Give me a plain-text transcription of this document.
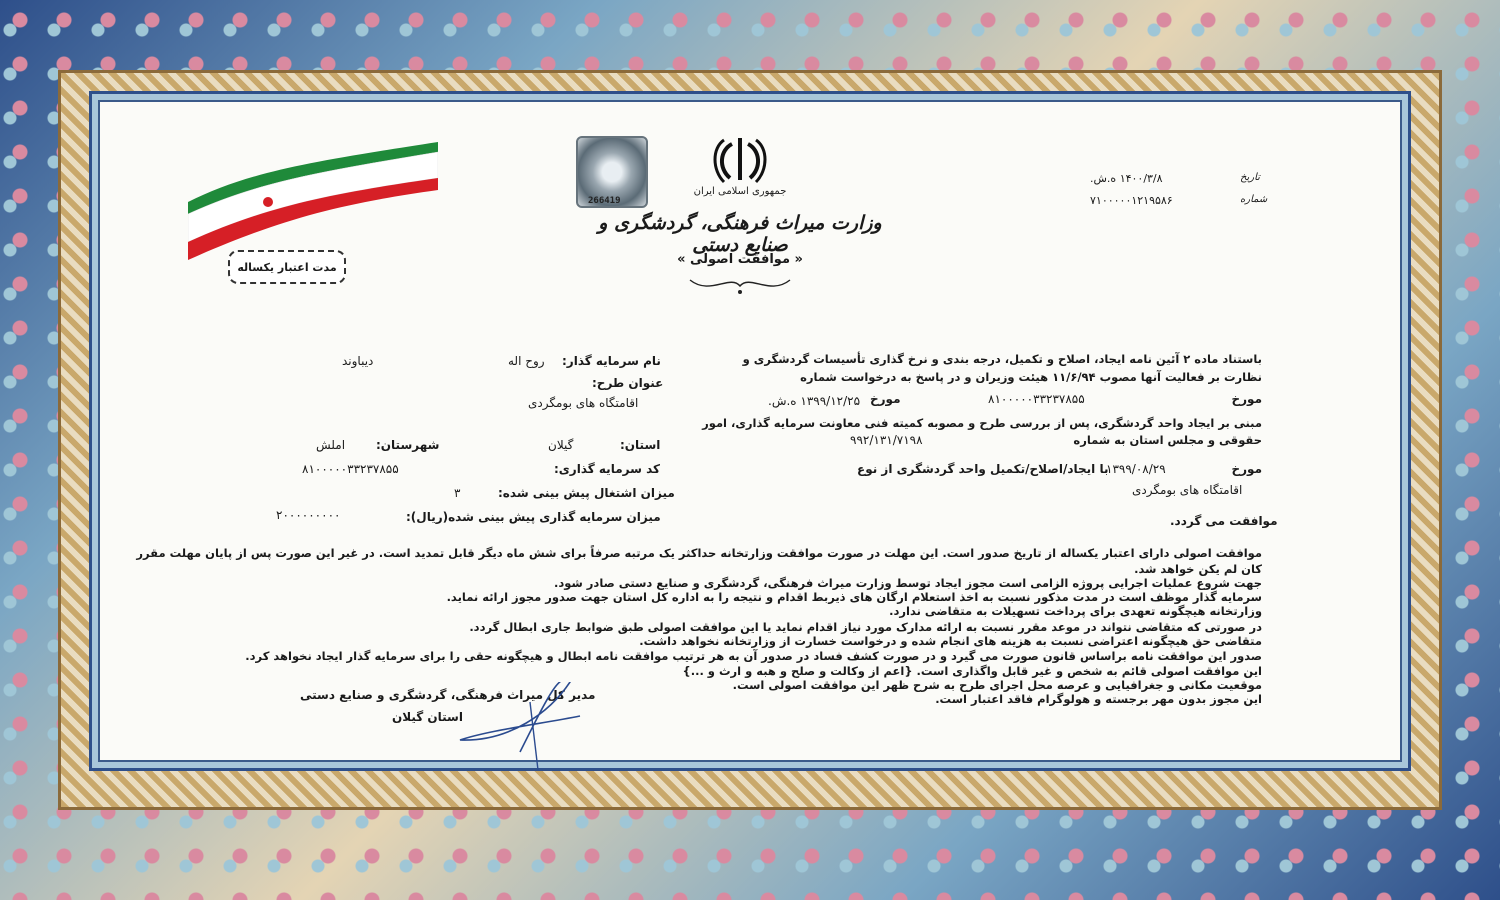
مدت اعتبار یکساله
266419
جمهوری اسلامی ایران
وزارت میراث فرهنگی، گردشگری و صنایع دستی
« موافقت اصولی »
تاریخ
۱۴۰۰/۳/۸ ه.ش.
شماره
۷۱۰۰۰۰۰۱۲۱۹۵۸۶
باستناد ماده ۲ آئین نامه ایجاد، اصلاح و تکمیل، درجه بندی و نرخ گذاری تأسیسات گردشگری و
نظارت بر فعالیت آنها مصوب ۱۱/۶/۹۴ هیئت وزیران و در پاسخ به درخواست شماره
مورخ
۸۱۰۰۰۰۰۳۳۲۳۷۸۵۵
۱۳۹۹/۱۲/۲۵ ه.ش. مورخ
مبنی بر ایجاد واحد گردشگری، پس از بررسی طرح و مصوبه کمیته فنی معاونت سرمایه گذاری، امور
حقوقی و مجلس استان به شماره
۹۹۲/۱۳۱/۷۱۹۸
مورخ
۱۳۹۹/۰۸/۲۹
با ایجاد/اصلاح/تکمیل واحد گردشگری از نوع
اقامتگاه های بومگردی
موافقت می گردد.
نام سرمایه گذار:
روح اله
دیباوند
عنوان طرح:
اقامتگاه های بومگردی
استان:
گیلان
شهرستان:
املش
کد سرمایه گذاری:
۸۱۰۰۰۰۰۳۳۲۳۷۸۵۵
میزان اشتغال پیش بینی شده:
۳
میزان سرمایه گذاری پیش بینی شده(ریال):
۲۰۰۰۰۰۰۰۰۰
موافقت اصولی دارای اعتبار یکساله از تاریخ صدور است. این مهلت در صورت موافقت وزارتخانه حداکثر یک مرتبه صرفاً برای شش ماه دیگر قابل تمدید است. در غیر این صورت پس از پایان مهلت مقرر
کان لم یکن خواهد شد.
جهت شروع عملیات اجرایی پروژه الزامی است مجوز ایجاد توسط وزارت میراث فرهنگی، گردشگری و صنایع دستی صادر شود.
سرمایه گذار موظف است در مدت مذکور نسبت به اخذ استعلام ارگان های ذیربط اقدام و نتیجه را به اداره کل استان جهت صدور مجوز ارائه نماید.
وزارتخانه هیچگونه تعهدی برای پرداخت تسهیلات به متقاضی ندارد.
در صورتی که متقاضی نتواند در موعد مقرر نسبت به ارائه مدارک مورد نیاز اقدام نماید یا این موافقت اصولی طبق ضوابط جاری ابطال گردد.
متقاضی حق هیچگونه اعتراضی نسبت به هزینه های انجام شده و درخواست خسارت از وزارتخانه نخواهد داشت.
صدور این موافقت نامه براساس قانون صورت می گیرد و در صورت کشف فساد در صدور آن به هر ترتیب موافقت نامه ابطال و هیچگونه حقی را برای سرمایه گذار ایجاد نخواهد کرد.
این موافقت اصولی قائم به شخص و غیر قابل واگذاری است. {اعم از وکالت و صلح و هبه و ارث و ...}
موقعیت مکانی و جغرافیایی و عرصه محل اجرای طرح به شرح ظهر این موافقت اصولی است.
این مجوز بدون مهر برجسته و هولوگرام فاقد اعتبار است.
مدیر کل میراث فرهنگی، گردشگری و صنایع دستی
استان گیلان
